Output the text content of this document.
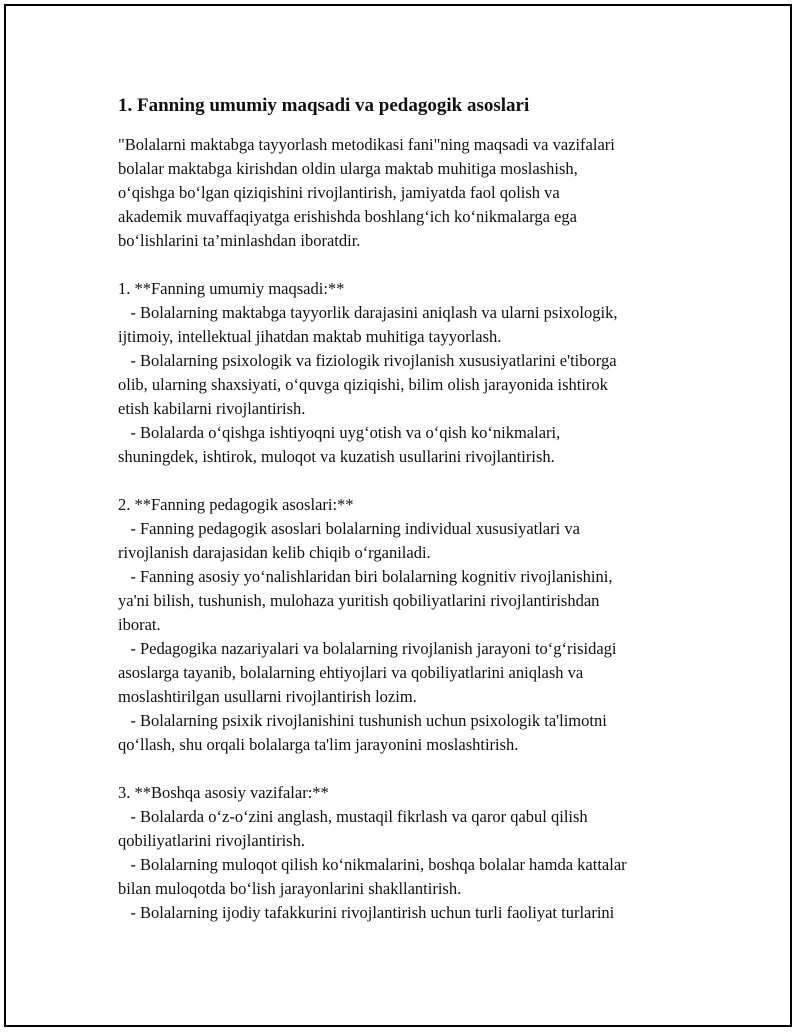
1. Fanning umumiy maqsadi va pedagogik asoslari

"Bolalarni maktabga tayyorlash metodikasi fani"ning maqsadi va vazifalari
bolalar maktabga kirishdan oldin ularga maktab muhitiga moslashish,
o‘qishga bo‘lgan qiziqishini rivojlantirish, jamiyatda faol qolish va
akademik muvaffaqiyatga erishishda boshlang‘ich ko‘nikmalarga ega
bo‘lishlarini ta’minlashdan iboratdir.

1. **Fanning umumiy maqsadi:**
- Bolalarning maktabga tayyorlik darajasini aniqlash va ularni psixologik,
ijtimoiy, intellektual jihatdan maktab muhitiga tayyorlash.
- Bolalarning psixologik va fiziologik rivojlanish xususiyatlarini e'tiborga
olib, ularning shaxsiyati, o‘quvga qiziqishi, bilim olish jarayonida ishtirok
etish kabilarni rivojlantirish.
- Bolalarda o‘qishga ishtiyoqni uyg‘otish va o‘qish ko‘nikmalari,
shuningdek, ishtirok, muloqot va kuzatish usullarini rivojlantirish.

2. **Fanning pedagogik asoslari:**
- Fanning pedagogik asoslari bolalarning individual xususiyatlari va
rivojlanish darajasidan kelib chiqib o‘rganiladi.
- Fanning asosiy yo‘nalishlaridan biri bolalarning kognitiv rivojlanishini,
ya'ni bilish, tushunish, mulohaza yuritish qobiliyatlarini rivojlantirishdan
iborat.
- Pedagogika nazariyalari va bolalarning rivojlanish jarayoni to‘g‘risidagi
asoslarga tayanib, bolalarning ehtiyojlari va qobiliyatlarini aniqlash va
moslashtirilgan usullarni rivojlantirish lozim.
- Bolalarning psixik rivojlanishini tushunish uchun psixologik ta'limotni
qo‘llash, shu orqali bolalarga ta'lim jarayonini moslashtirish.

3. **Boshqa asosiy vazifalar:**
- Bolalarda o‘z-o‘zini anglash, mustaqil fikrlash va qaror qabul qilish
qobiliyatlarini rivojlantirish.
- Bolalarning muloqot qilish ko‘nikmalarini, boshqa bolalar hamda kattalar
bilan muloqotda bo‘lish jarayonlarini shakllantirish.
- Bolalarning ijodiy tafakkurini rivojlantirish uchun turli faoliyat turlarini
